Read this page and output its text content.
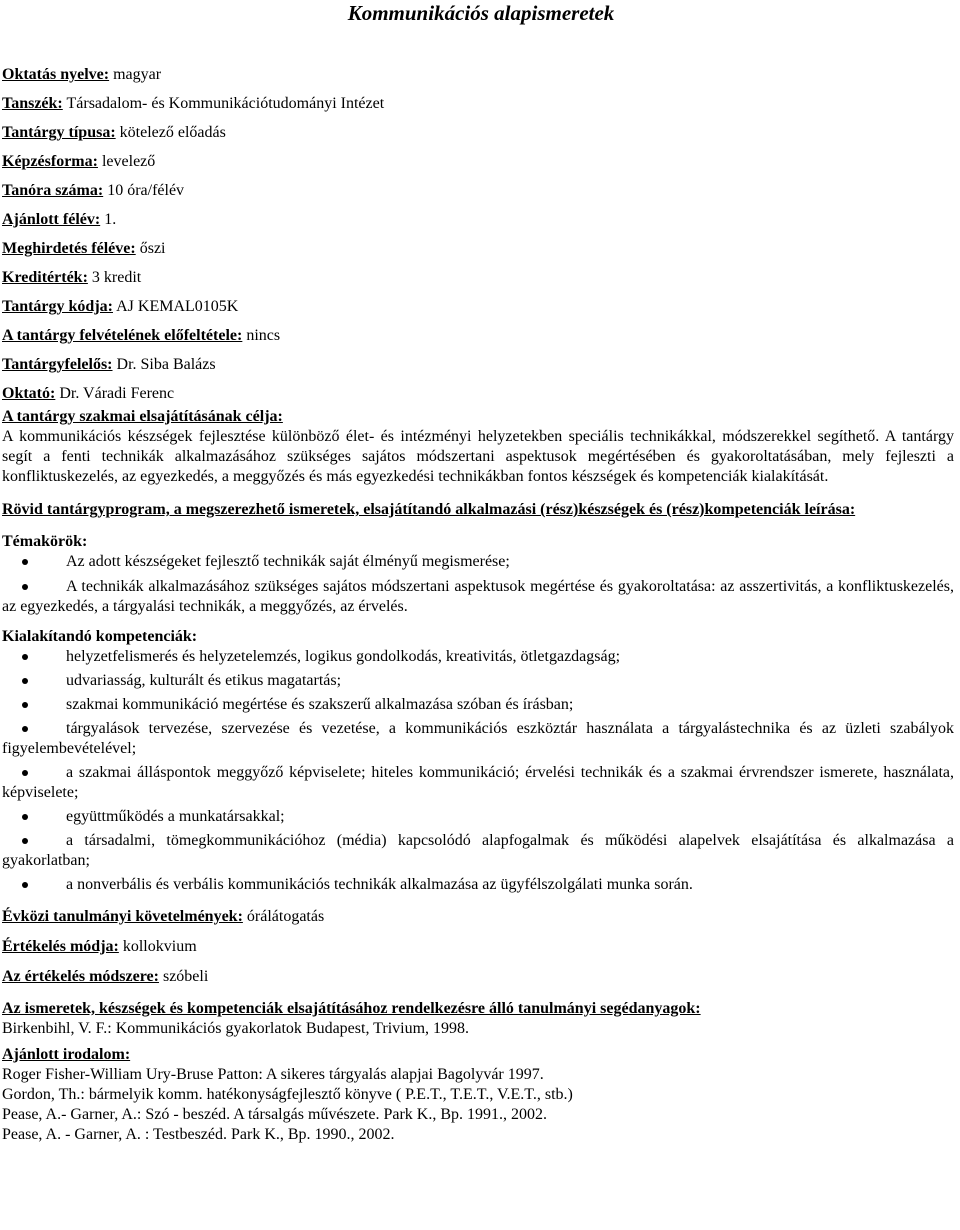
Kommunikációs alapismeretek
Oktatás nyelve: magyar
Tanszék: Társadalom- és Kommunikációtudományi Intézet
Tantárgy típusa: kötelező előadás
Képzésforma: levelező
Tanóra száma: 10 óra/félév
Ajánlott félév: 1.
Meghirdetés féléve: őszi
Kreditérték: 3 kredit
Tantárgy kódja: AJ KEMAL0105K
A tantárgy felvételének előfeltétele: nincs
Tantárgyfelelős: Dr. Siba Balázs
Oktató: Dr. Váradi Ferenc
A tantárgy szakmai elsajátításának célja:

A kommunikációs készségek fejlesztése különböző élet- és intézményi helyzetekben speciális technikákkal, módszerekkel segíthető. A tantárgy segít a fenti technikák alkalmazásához szükséges sajátos módszertani aspektusok megértésében és gyakoroltatásában, mely fejleszti a konfliktuskezelés, az egyezkedés, a meggyőzés és más egyezkedési technikákban fontos készségek és kompetenciák kialakítását.

Rövid tantárgyprogram, a megszerezhető ismeretek, elsajátítandó alkalmazási (rész)készségek és (rész)kompetenciák leírása:
Témakörök:
Az adott készségeket fejlesztő technikák saját élményű megismerése;
A technikák alkalmazásához szükséges sajátos módszertani aspektusok megértése és gyakoroltatása: az asszertivitás, a konfliktuskezelés, az egyezkedés, a tárgyalási technikák, a meggyőzés, az érvelés.
Kialakítandó kompetenciák:
helyzetfelismerés és helyzetelemzés, logikus gondolkodás, kreativitás, ötletgazdagság;
udvariasság, kulturált és etikus magatartás;
szakmai kommunikáció megértése és szakszerű alkalmazása szóban és írásban;
tárgyalások tervezése, szervezése és vezetése, a kommunikációs eszköztár használata a tárgyalástechnika és az üzleti szabályok figyelembevételével;
a szakmai álláspontok meggyőző képviselete; hiteles kommunikáció; érvelési technikák és a szakmai érvrendszer ismerete, használata, képviselete;
együttműködés a munkatársakkal;
a társadalmi, tömegkommunikációhoz (média) kapcsolódó alapfogalmak és működési alapelvek elsajátítása és alkalmazása a gyakorlatban;
a nonverbális és verbális kommunikációs technikák alkalmazása az ügyfélszolgálati munka során.
Évközi tanulmányi követelmények: órálátogatás
Értékelés módja: kollokvium
Az értékelés módszere: szóbeli
Az ismeretek, készségek és kompetenciák elsajátításához rendelkezésre álló tanulmányi segédanyagok:
Birkenbihl, V. F.: Kommunikációs gyakorlatok Budapest, Trivium, 1998.
Ajánlott irodalom:
Roger Fisher-William Ury-Bruse Patton: A sikeres tárgyalás alapjai Bagolyvár 1997.
Gordon, Th.: bármelyik komm. hatékonyságfejlesztő könyve ( P.E.T., T.E.T., V.E.T., stb.)
Pease, A.- Garner, A.: Szó - beszéd. A társalgás művészete. Park K., Bp. 1991., 2002.
Pease, A. - Garner, A. : Testbeszéd. Park K., Bp. 1990., 2002.
